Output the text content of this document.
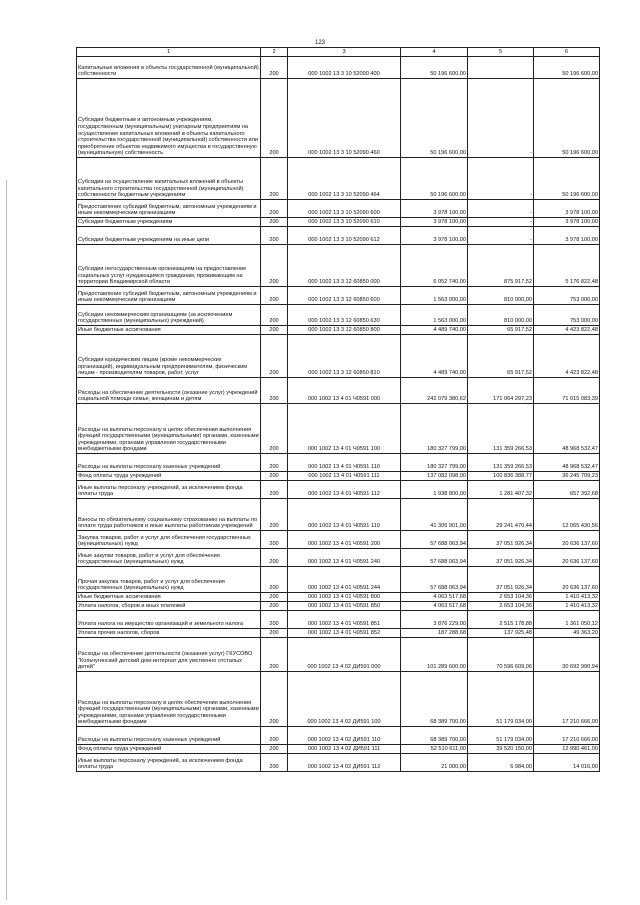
123
1	2	3	4	5	6
Капитальные вложения в объекты государственной (муниципальной) собственности	200	000 1002 13 3 10 52090 400	50 196 600,00		50 196 600,00
Субсидии бюджетным и автономным учреждениям, государственным (муниципальным) унитарным предприятиям на осуществление капитальных вложений в объекты капитального строительства государственной (муниципальной) собственности или приобретение объектов недвижимого имущества в государственную (муниципальную) собственность	200	000 1002 13 3 10 52090 460	50 196 600,00	-	50 196 600,00
Субсидии на осуществление капитальных вложений в объекты капитального строительства государственной (муниципальной) собственности бюджетным учреждениям	200	000 1002 13 3 10 52090 464	50 196 600,00	-	50 196 600,00
Предоставление субсидий бюджетным, автономным учреждениям и иным некоммерческим организациям	200	000 1002 13 3 10 52090 600	3 978 100,00	-	3 978 100,00
Субсидии бюджетным учреждениям	200	000 1002 13 3 10 52090 610	3 978 100,00	-	3 978 100,00
Субсидии бюджетным учреждениям на иные цели	200	000 1002 13 3 10 52090 612	3 978 100,00	-	3 978 100,00
Субсидии негосударственным организациям на предоставление социальных услуг нуждающимся гражданам, проживающим на территории Владимирской области	200	000 1002 13 3 12 60850 000	6 052 740,00	875 917,52	5 176 822,48
Предоставление субсидий бюджетным, автономным учреждениям и иным некоммерческим организациям	200	000 1002 13 3 12 60850 600	1 563 000,00	810 000,00	753 000,00
Субсидии некоммерческим организациям (за исключением государственных (муниципальных) учреждений)	200	000 1002 13 3 12 60850 630	1 563 000,00	810 000,00	753 000,00
Иные бюджетные ассигнования	200	000 1002 13 3 12 60850 800	4 489 740,00	65 917,52	4 423 822,48
Субсидии юридическим лицам (кроме некоммерческих организаций), индивидуальным предпринимателям, физическим лицам - производителям товаров, работ, услуг	200	000 1002 13 3 12 60850 810	4 489 740,00	65 917,52	4 423 822,48
Расходы на обеспечение деятельности (оказание услуг) учреждений социальной помощи семье, женщинам и детям	200	000 1002 13 4 01 Ч0591 000	242 079 380,62	171 064 297,23	71 015 083,39
Расходы на выплаты персоналу в целях обеспечения выполнения функций государственными (муниципальными) органами, казенными учреждениями, органами управления государственными внебюджетными фондами	200	000 1002 13 4 01 Ч0591 100	180 327 799,00	131 359 266,53	48 968 532,47
Расходы на выплаты персоналу казенных учреждений	200	000 1002 13 4 01 Ч0591 110	180 327 799,00	131 359 266,53	48 968 532,47
Фонд оплаты труда учреждений	200	000 1002 13 4 01 Ч0591 111	137 082 098,00	100 836 388,77	36 245 709,23
Иные выплаты персоналу учреждений, за исключением фонда оплаты труда	200	000 1002 13 4 01 Ч0591 112	1 938 800,00	1 281 407,32	657 392,68
Взносы по обязательному социальному страхованию на выплаты по оплате труда работников и иные выплаты работникам учреждений	200	000 1002 13 4 01 Ч0591 119	41 306 901,00	29 241 470,44	12 065 430,56
Закупка товаров, работ и услуг для обеспечения государственных (муниципальных) нужд	200	000 1002 13 4 01 Ч0591 200	57 688 063,94	37 051 926,34	20 636 137,60
Иные закупки товаров, работ и услуг для обеспечения государственных (муниципальных) нужд	200	000 1002 13 4 01 Ч0591 240	57 688 063,94	37 051 926,34	20 636 137,60
Прочая закупка товаров, работ и услуг для обеспечения государственных (муниципальных) нужд	200	000 1002 13 4 01 Ч0591 244	57 688 063,94	37 051 926,34	20 636 137,60
Иные бюджетные ассигнования	200	000 1002 13 4 01 Ч0591 800	4 063 517,68	2 653 104,36	1 410 413,32
Уплата налогов, сборов и иных платежей	200	000 1002 13 4 01 Ч0591 850	4 063 517,68	2 653 104,36	1 410 413,32
Уплата налога на имущество организаций и земельного налога	200	000 1002 13 4 01 Ч0591 851	3 876 229,00	2 515 178,88	1 361 050,12
Уплата прочих налогов, сборов	200	000 1002 13 4 01 Ч0591 852	187 288,68	137 925,48	49 363,20
Расходы на обеспечение деятельности (оказание услуг) ГКУСОВО "Кольчугинский детский дом-интернат для умственно отсталых детей"	200	000 1002 13 4 02 ДИ591 000	101 289 600,00	70 596 609,06	30 692 990,94
Расходы на выплаты персоналу в целях обеспечения выполнения функций государственными (муниципальными) органами, казенными учреждениями, органами управления государственными внебюджетными фондами	200	000 1002 13 4 02 ДИ591 100	68 389 700,00	51 179 034,00	17 210 666,00
Расходы на выплаты персоналу казенных учреждений	200	000 1002 13 4 02 ДИ591 110	68 389 700,00	51 179 034,00	17 210 666,00
Фонд оплаты труда учреждений	200	000 1002 13 4 02 ДИ591 111	52 510 611,00	39 520 150,00	12 990 461,00
Иные выплаты персоналу учреждений, за исключением фонда оплаты труда	200	000 1002 13 4 02 ДИ591 112	21 000,00	6 984,00	14 016,00
